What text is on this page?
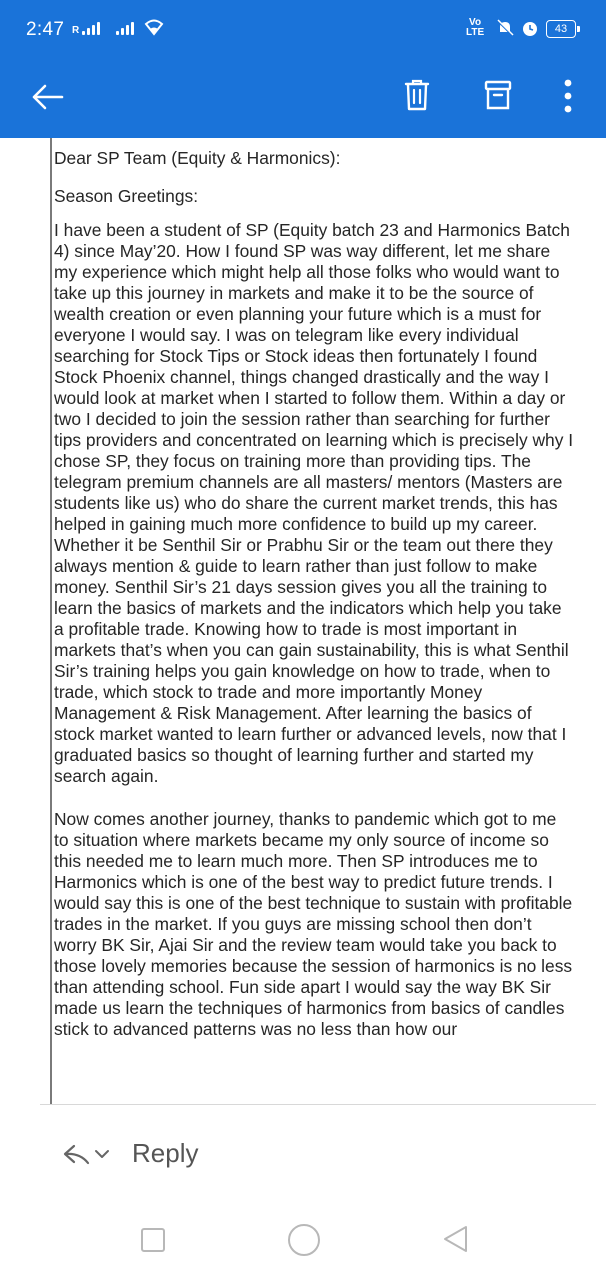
2:47 R
Vo
LTE	43

Dear SP Team (Equity & Harmonics):

Season Greetings:

I have been a student of SP (Equity batch 23 and Harmonics Batch 4) since May’20. How I found SP was way different, let me share my experience which might help all those folks who would want to take up this journey in markets and make it to be the source of wealth creation or even planning your future which is a must for everyone I would say. I was on telegram like every individual searching for Stock Tips or Stock ideas then fortunately I found Stock Phoenix channel, things changed drastically and the way I would look at market when I started to follow them. Within a day or two I decided to join the session rather than searching for further tips providers and concentrated on learning which is precisely why I chose SP, they focus on training more than providing tips. The telegram premium channels are all masters/ mentors (Masters are students like us) who do share the current market trends, this has helped in gaining much more confidence to build up my career. Whether it be Senthil Sir or Prabhu Sir or the team out there they always mention & guide to learn rather than just follow to make money. Senthil Sir’s 21 days session gives you all the training to learn the basics of markets and the indicators which help you take a profitable trade. Knowing how to trade is most important in markets that’s when you can gain sustainability, this is what Senthil Sir’s training helps you gain knowledge on how to trade, when to trade, which stock to trade and more importantly Money Management & Risk Management. After learning the basics of stock market wanted to learn further or advanced levels, now that I graduated basics so thought of learning further and started my search again.

Now comes another journey, thanks to pandemic which got to me to situation where markets became my only source of income so this needed me to learn much more. Then SP introduces me to Harmonics which is one of the best way to predict future trends. I would say this is one of the best technique to sustain with profitable trades in the market. If you guys are missing school then don’t worry BK Sir, Ajai Sir and the review team would take you back to those lovely memories because the session of harmonics is no less than attending school. Fun side apart I would say the way BK Sir made us learn the techniques of harmonics from basics of candles stick to advanced patterns was no less than how our

Reply
